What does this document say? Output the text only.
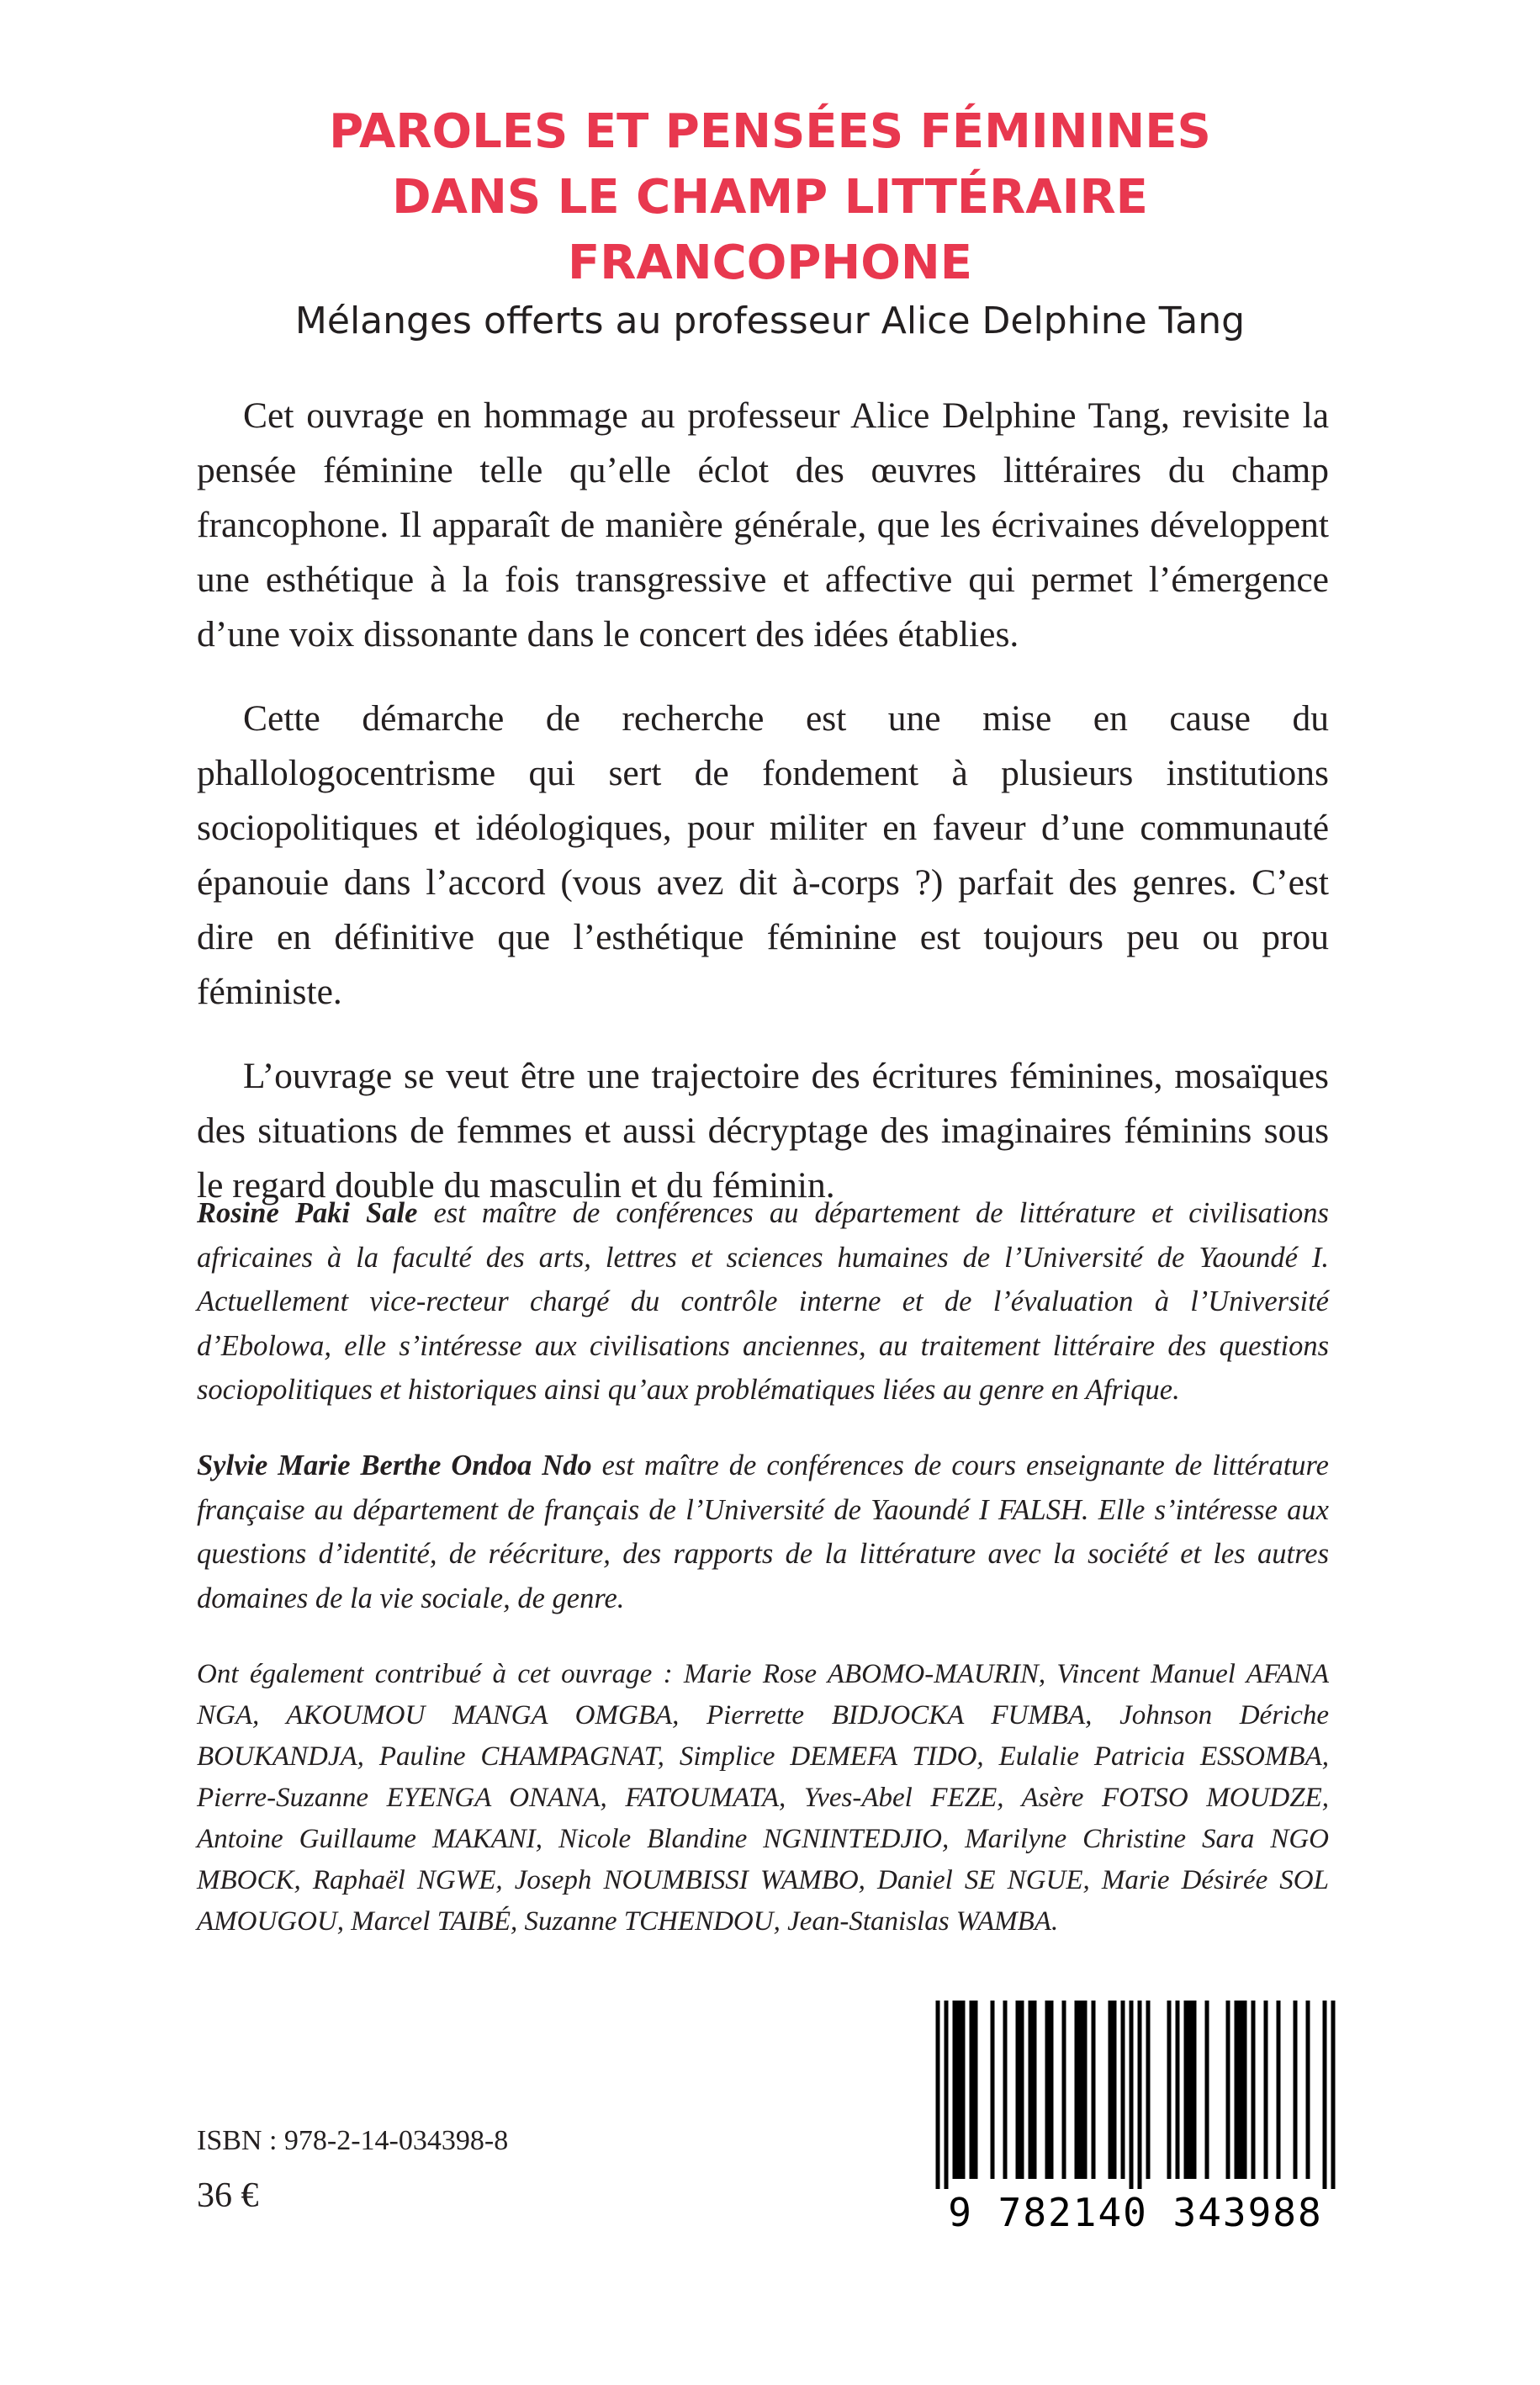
PAROLES ET PENSÉES FÉMININES
DANS LE CHAMP LITTÉRAIRE
FRANCOPHONE
Mélanges offerts au professeur Alice Delphine Tang

Cet ouvrage en hommage au professeur Alice Delphine Tang, revisite la pensée féminine telle qu’elle éclot des œuvres littéraires du champ francophone. Il apparaît de manière générale, que les écrivaines développent une esthétique à la fois transgressive et affective qui permet l’émergence d’une voix dissonante dans le concert des idées établies.

Cette démarche de recherche est une mise en cause du phallologocentrisme qui sert de fondement à plusieurs institutions sociopolitiques et idéologiques, pour militer en faveur d’une communauté épanouie dans l’accord (vous avez dit à-corps ?) parfait des genres. C’est dire en définitive que l’esthétique féminine est toujours peu ou prou féministe.

L’ouvrage se veut être une trajectoire des écritures féminines, mosaïques des situations de femmes et aussi décryptage des imaginaires féminins sous le regard double du masculin et du féminin.

Rosine Paki Sale est maître de conférences au département de littérature et civilisations africaines à la faculté des arts, lettres et sciences humaines de l’Université de Yaoundé I. Actuellement vice-recteur chargé du contrôle interne et de l’évaluation à l’Université d’Ebolowa, elle s’intéresse aux civilisations anciennes, au traitement littéraire des questions sociopolitiques et historiques ainsi qu’aux problématiques liées au genre en Afrique.
Sylvie Marie Berthe Ondoa Ndo est maître de conférences de cours enseignante de littérature française au département de français de l’Université de Yaoundé I FALSH. Elle s’intéresse aux questions d’identité, de réécriture, des rapports de la littérature avec la société et les autres domaines de la vie sociale, de genre.
Ont également contribué à cet ouvrage : Marie Rose ABOMO-MAURIN, Vincent Manuel AFANA NGA, AKOUMOU MANGA OMGBA, Pierrette BIDJOCKA FUMBA, Johnson Dériche BOUKANDJA, Pauline CHAMPAGNAT, Simplice DEMEFA TIDO, Eulalie Patricia ESSOMBA, Pierre-Suzanne EYENGA ONANA, FATOUMATA, Yves-Abel FEZE, Asère FOTSO MOUDZE, Antoine Guillaume MAKANI, Nicole Blandine NGNINTEDJIO, Marilyne Christine Sara NGO MBOCK, Raphaël NGWE, Joseph NOUMBISSI WAMBO, Daniel SE NGUE, Marie Désirée SOL AMOUGOU, Marcel TAIBÉ, Suzanne TCHENDOU, Jean-Stanislas WAMBA.
ISBN : 978-2-14-034398-8
36 €	9 782140 343988
